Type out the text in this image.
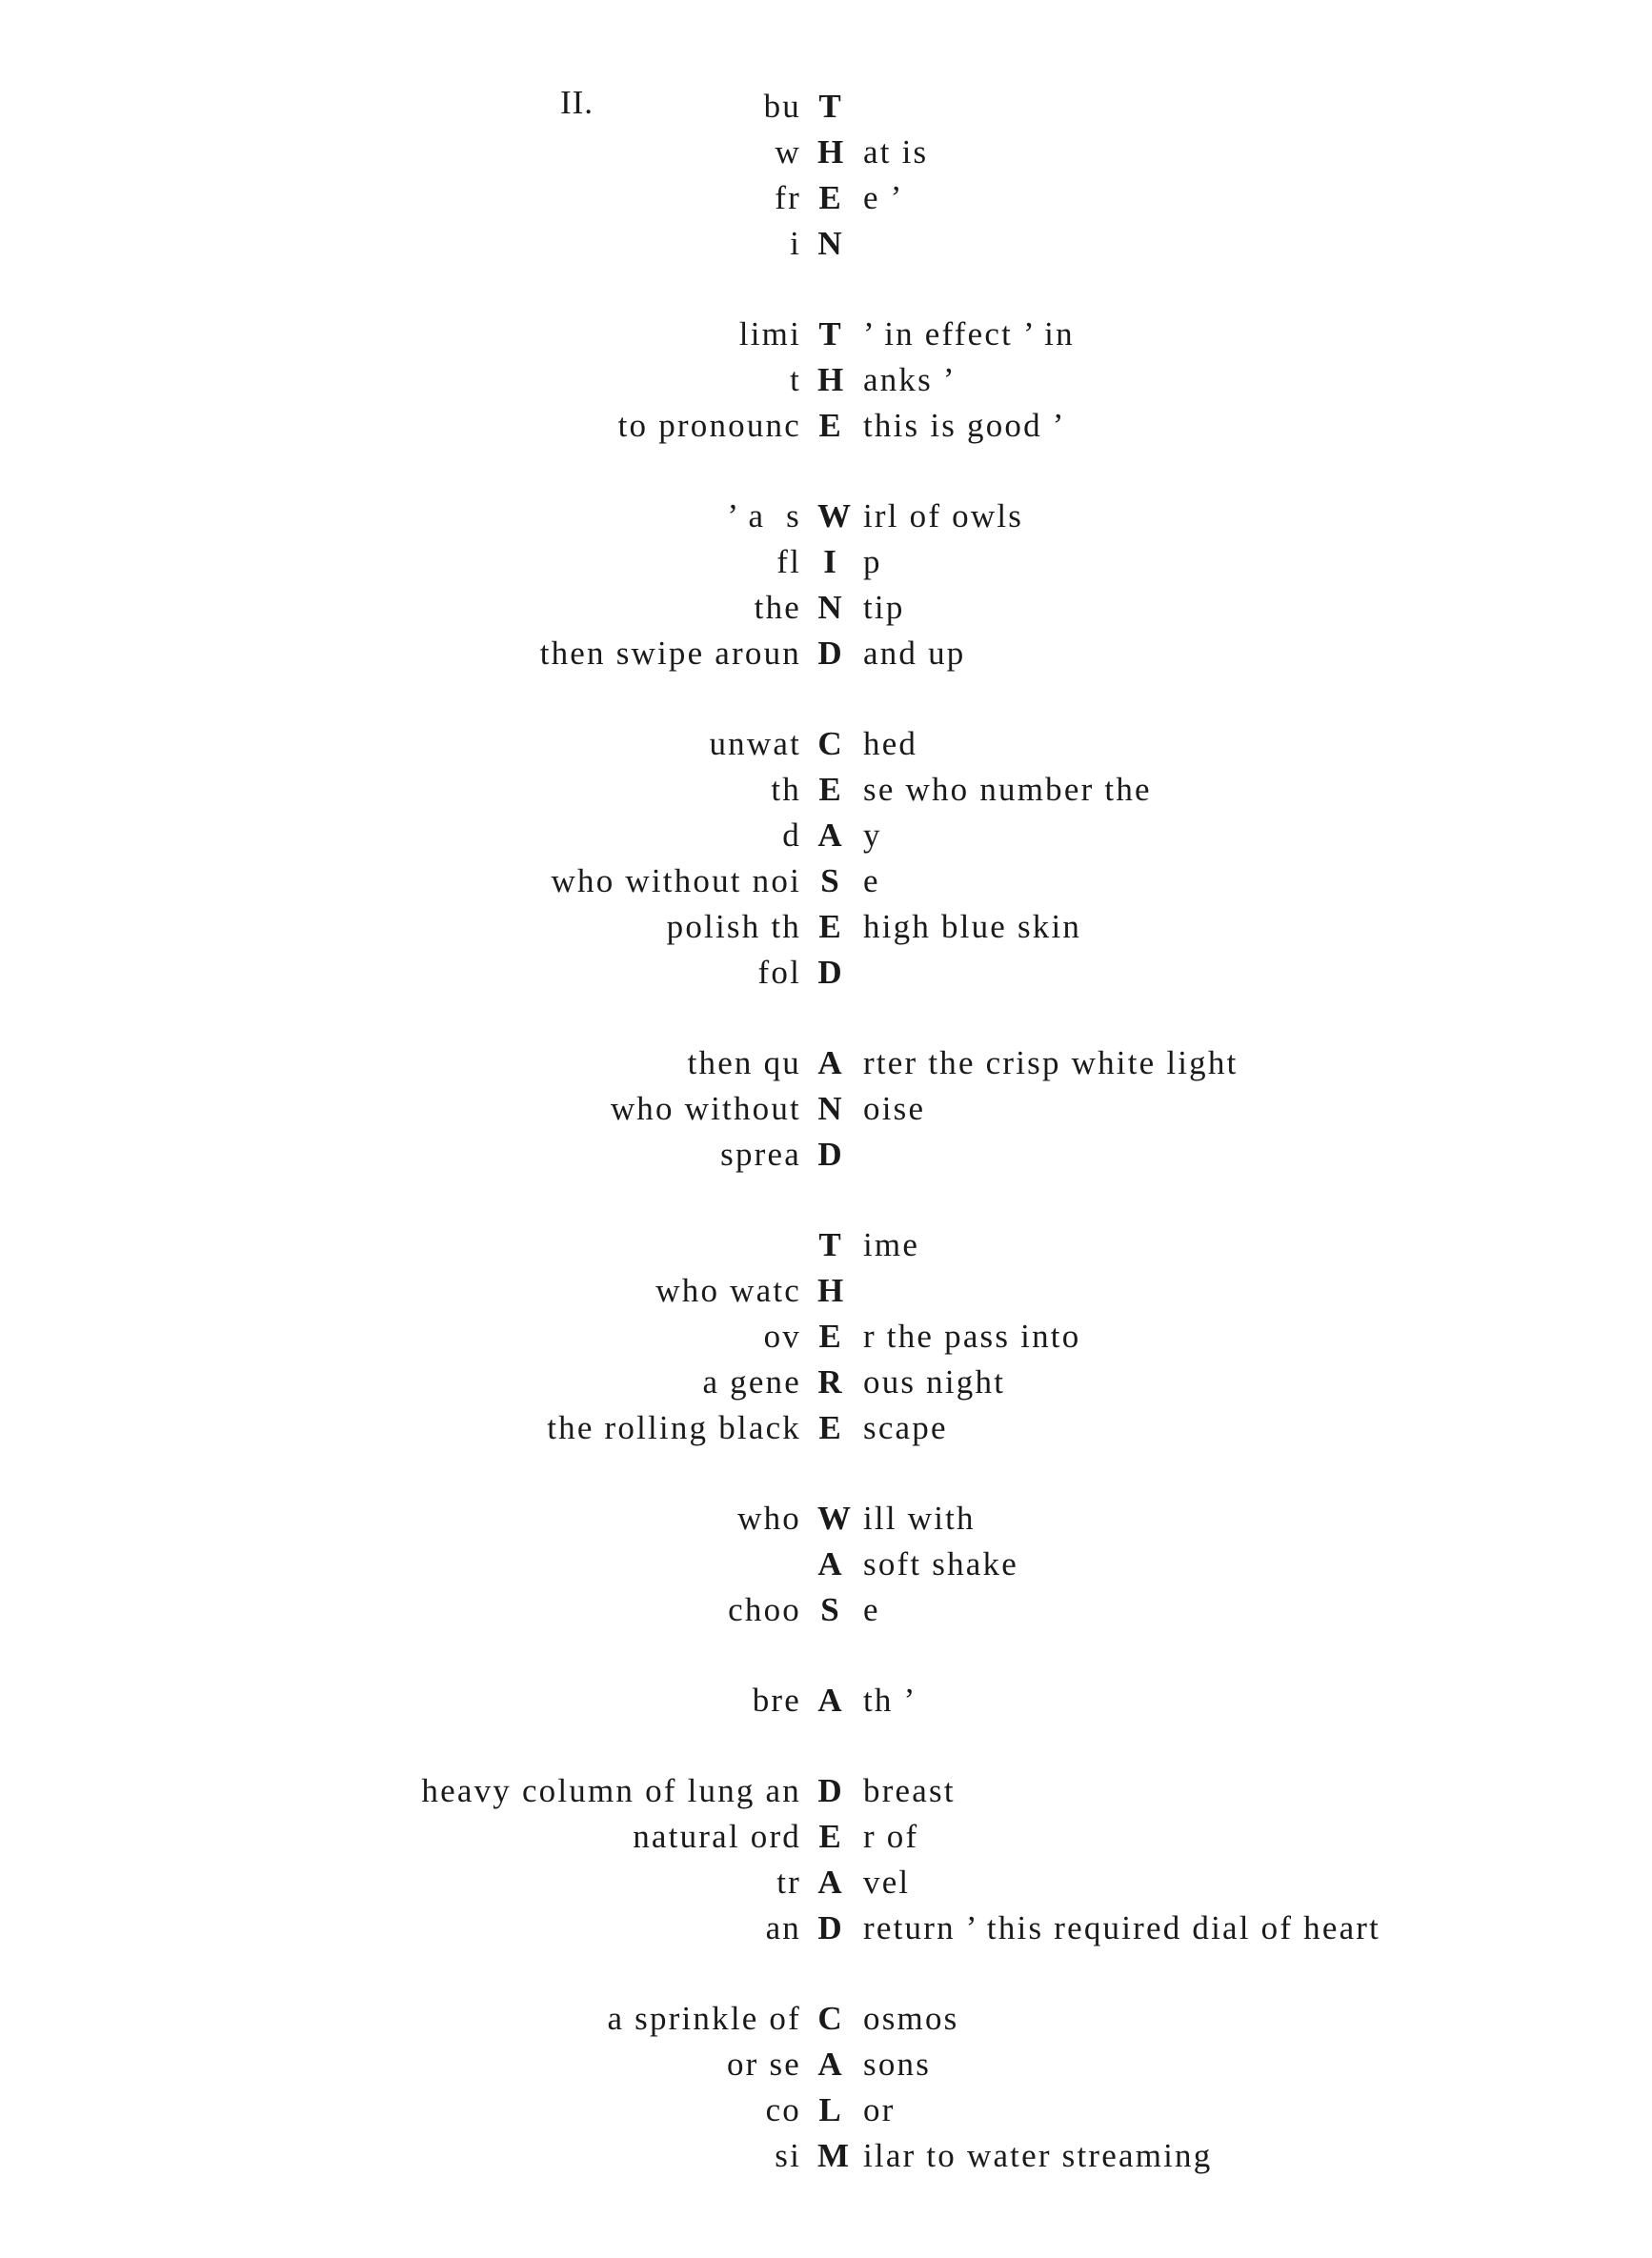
II.	bu T
w H at is
fr E e ’
i N
limi T ’ in effect ’ in
t H anks ’
to pronounc E this is good ’
’ a  s W irl of owls
fl I p
the N tip
then swipe aroun D and up
unwat C hed
th E se who number the
d A y
who without noi S e
polish th E high blue skin
fol D
then qu A rter the crisp white light
who without N oise
sprea D
T ime
who watc H
ov E r the pass into
a gene R ous night
the rolling black E scape
who W ill with
A soft shake
choo S e
bre A th ’
heavy column of lung an D breast
natural ord E r of
tr A vel
an D return ’ this required dial of heart
a sprinkle of C osmos
or se A sons
co L or
si M ilar to water streaming
